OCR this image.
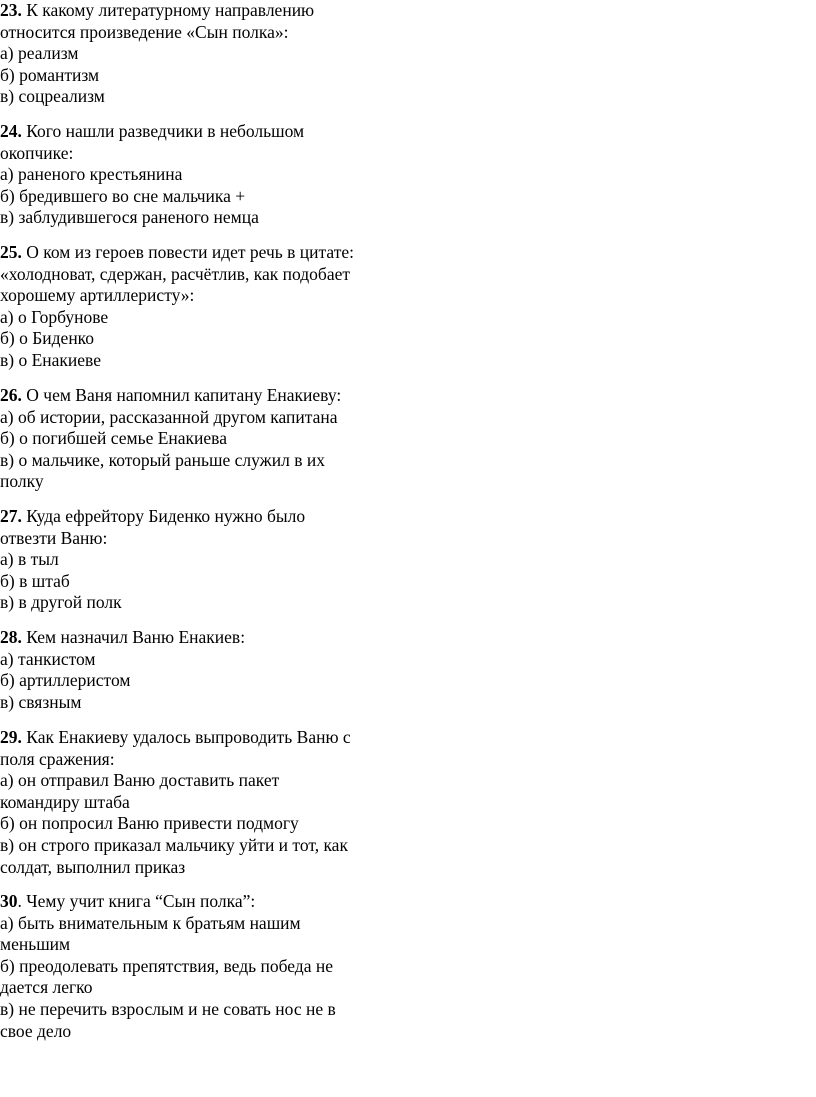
23. К какому литературному направлению
относится произведение «Сын полка»:
а) реализм
б) романтизм
в) соцреализм
24. Кого нашли разведчики в небольшом
окопчике:
а) раненого крестьянина
б) бредившего во сне мальчика +
в) заблудившегося раненого немца
25. О ком из героев повести идет речь в цитате:
«холодноват, сдержан, расчётлив, как подобает
хорошему артиллеристу»:
а) о Горбунове
б) о Биденко
в) о Енакиеве
26. О чем Ваня напомнил капитану Енакиеву:
а) об истории, рассказанной другом капитана
б) о погибшей семье Енакиева
в) о мальчике, который раньше служил в их
полку
27. Куда ефрейтору Биденко нужно было
отвезти Ваню:
а) в тыл
б) в штаб
в) в другой полк
28. Кем назначил Ваню Енакиев:
а) танкистом
б) артиллеристом
в) связным
29. Как Енакиеву удалось выпроводить Ваню с
поля сражения:
а) он отправил Ваню доставить пакет
командиру штаба
б) он попросил Ваню привести подмогу
в) он строго приказал мальчику уйти и тот, как
солдат, выполнил приказ
30. Чему учит книга “Сын полка”:
а) быть внимательным к братьям нашим
меньшим
б) преодолевать препятствия, ведь победа не
дается легко
в) не перечить взрослым и не совать нос не в
свое дело
